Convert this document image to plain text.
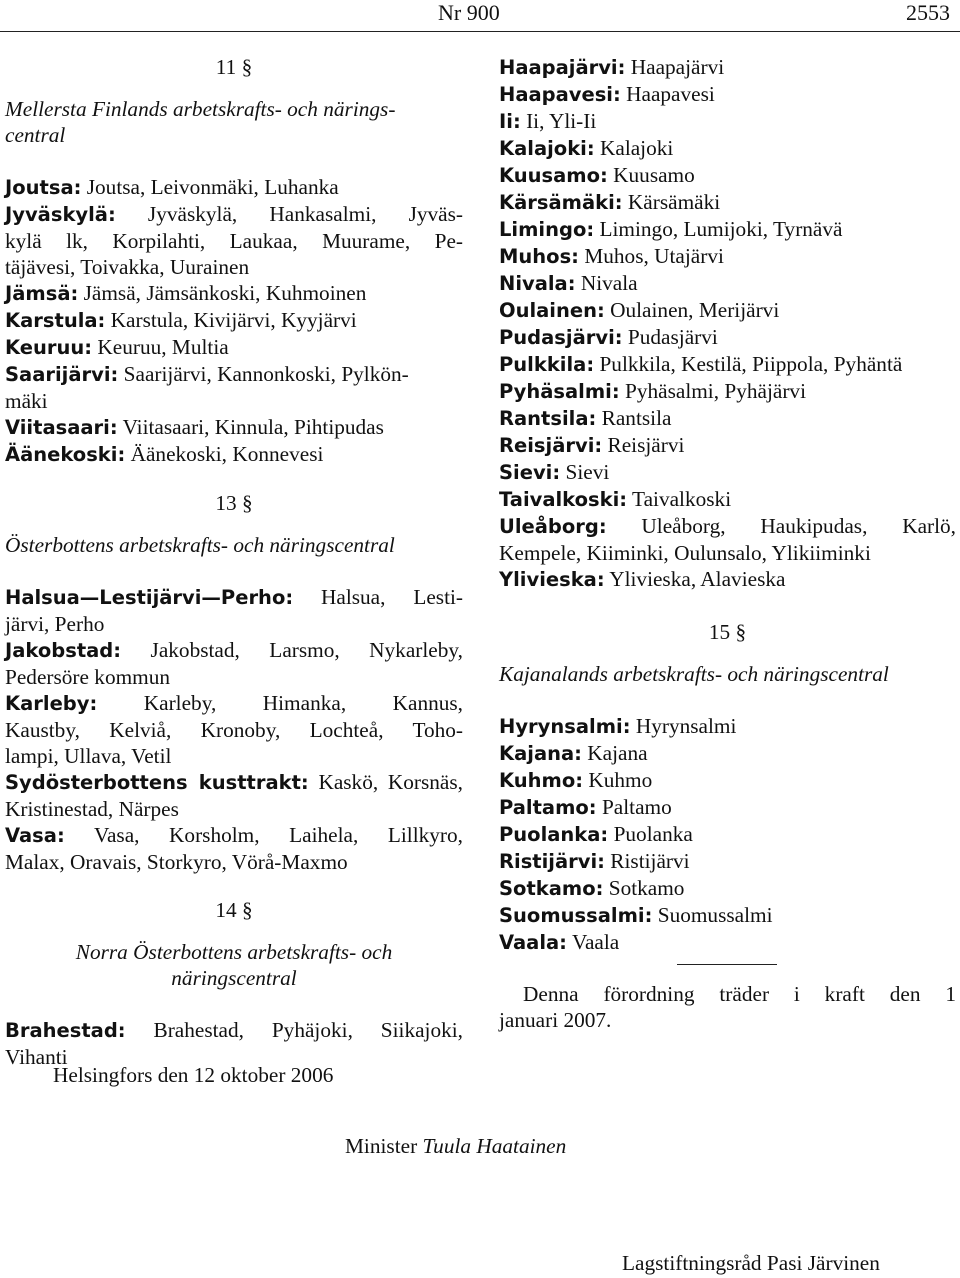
Nr 900	2553
11 §
Mellersta Finlands arbetskrafts- och närings-
central
Joutsa: Joutsa, Leivonmäki, Luhanka
Jyväskylä: Jyväskylä, Hankasalmi, Jyväs-
kylä lk, Korpilahti, Laukaa, Muurame, Pe-
täjävesi, Toivakka, Uurainen
Jämsä: Jämsä, Jämsänkoski, Kuhmoinen
Karstula: Karstula, Kivijärvi, Kyyjärvi
Keuruu: Keuruu, Multia
Saarijärvi: Saarijärvi, Kannonkoski, Pylkön-
mäki
Viitasaari: Viitasaari, Kinnula, Pihtipudas
Äänekoski: Äänekoski, Konnevesi
13 §
Österbottens arbetskrafts- och näringscentral
Halsua—Lestijärvi—Perho: Halsua, Lesti-
järvi, Perho
Jakobstad: Jakobstad, Larsmo, Nykarleby,
Pedersöre kommun
Karleby: Karleby, Himanka, Kannus,
Kaustby, Kelviå, Kronoby, Lochteå, Toho-
lampi, Ullava, Vetil
Sydösterbottens kusttrakt: Kaskö, Korsnäs,
Kristinestad, Närpes
Vasa: Vasa, Korsholm, Laihela, Lillkyro,
Malax, Oravais, Storkyro, Vörå-Maxmo
14 §
Norra Österbottens arbetskrafts- och
näringscentral
Brahestad: Brahestad, Pyhäjoki, Siikajoki,
Vihanti
Haapajärvi: Haapajärvi
Haapavesi: Haapavesi
Ii: Ii, Yli-Ii
Kalajoki: Kalajoki
Kuusamo: Kuusamo
Kärsämäki: Kärsämäki
Limingo: Limingo, Lumijoki, Tyrnävä
Muhos: Muhos, Utajärvi
Nivala: Nivala
Oulainen: Oulainen, Merijärvi
Pudasjärvi: Pudasjärvi
Pulkkila: Pulkkila, Kestilä, Piippola, Pyhäntä
Pyhäsalmi: Pyhäsalmi, Pyhäjärvi
Rantsila: Rantsila
Reisjärvi: Reisjärvi
Sievi: Sievi
Taivalkoski: Taivalkoski
Uleåborg: Uleåborg, Haukipudas, Karlö,
Kempele, Kiiminki, Oulunsalo, Ylikiiminki
Ylivieska: Ylivieska, Alavieska
15 §
Kajanalands arbetskrafts- och näringscentral
Hyrynsalmi: Hyrynsalmi
Kajana: Kajana
Kuhmo: Kuhmo
Paltamo: Paltamo
Puolanka: Puolanka
Ristijärvi: Ristijärvi
Sotkamo: Sotkamo
Suomussalmi: Suomussalmi
Vaala: Vaala
Denna förordning träder i kraft den 1
januari 2007.
Helsingfors den 12 oktober 2006
Minister Tuula Haatainen
Lagstiftningsråd Pasi Järvinen
